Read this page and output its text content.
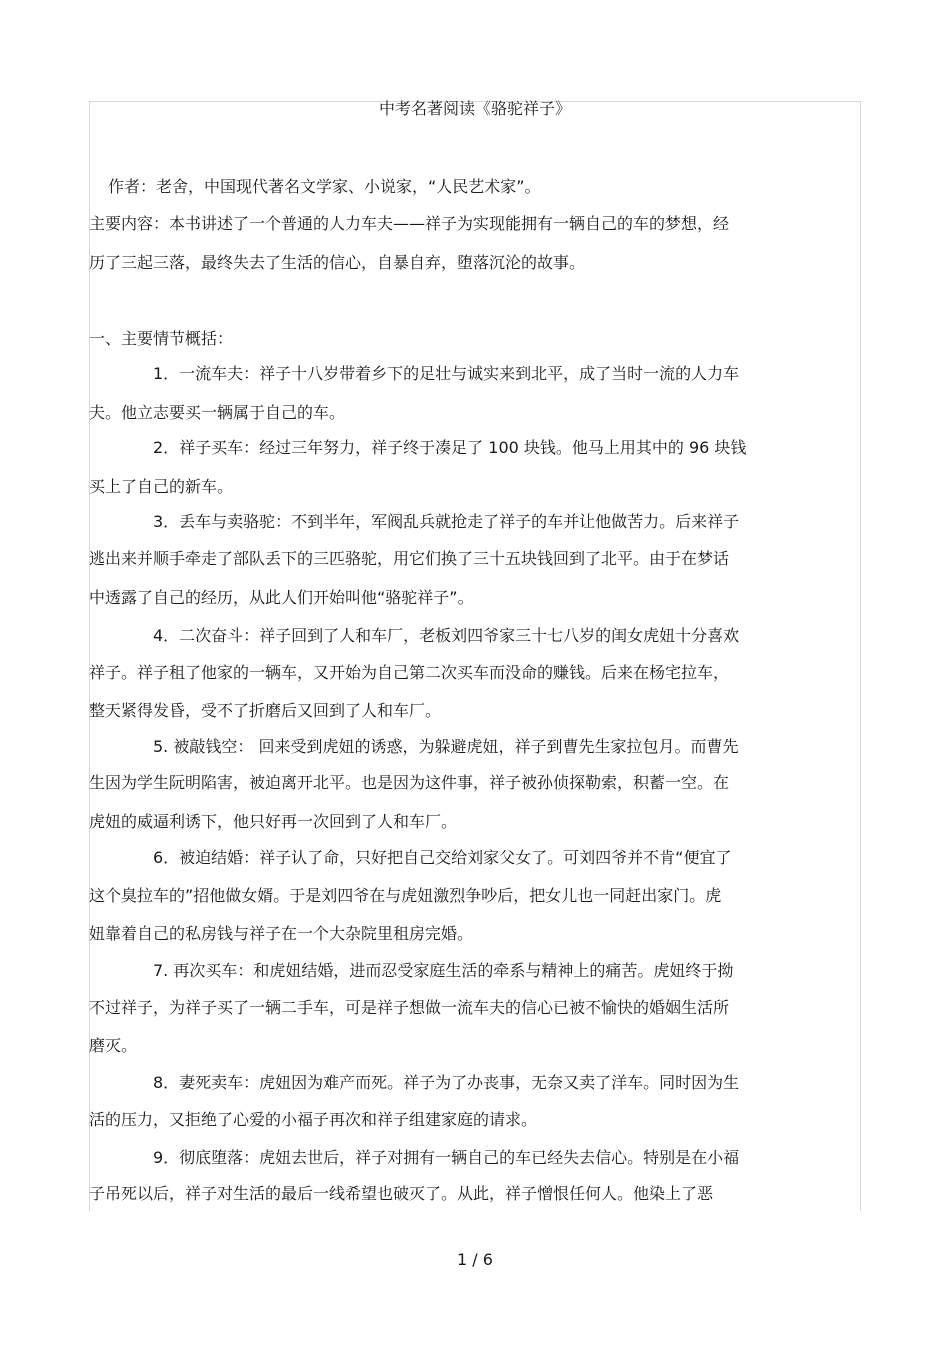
中考名著阅读《骆驼祥子》
作者：老舍，中国现代著名文学家、小说家，“人民艺术家”。
主要内容：本书讲述了一个普通的人力车夫——祥子为实现能拥有一辆自己的车的梦想，经
历了三起三落，最终失去了生活的信心，自暴自弃，堕落沉沦的故事。
一、主要情节概括：
1．一流车夫：祥子十八岁带着乡下的足壮与诚实来到北平，成了当时一流的人力车
夫。他立志要买一辆属于自己的车。
2．祥子买车：经过三年努力，祥子终于凑足了 100 块钱。他马上用其中的 96 块钱
买上了自己的新车。
3．丢车与卖骆驼：不到半年，军阀乱兵就抢走了祥子的车并让他做苦力。后来祥子
逃出来并顺手牵走了部队丢下的三匹骆驼，用它们换了三十五块钱回到了北平。由于在梦话
中透露了自己的经历，从此人们开始叫他“骆驼祥子”。
4．二次奋斗：祥子回到了人和车厂，老板刘四爷家三十七八岁的闺女虎妞十分喜欢
祥子。祥子租了他家的一辆车，又开始为自己第二次买车而没命的赚钱。后来在杨宅拉车，
整天紧得发昏，受不了折磨后又回到了人和车厂。
5. 被敲钱空： 回来受到虎妞的诱惑，为躲避虎妞，祥子到曹先生家拉包月。而曹先
生因为学生阮明陷害，被迫离开北平。也是因为这件事，祥子被孙侦探勒索，积蓄一空。在
虎妞的威逼利诱下，他只好再一次回到了人和车厂。
6．被迫结婚：祥子认了命，只好把自己交给刘家父女了。可刘四爷并不肯“便宜了
这个臭拉车的”招他做女婿。于是刘四爷在与虎妞激烈争吵后，把女儿也一同赶出家门。虎
妞靠着自己的私房钱与祥子在一个大杂院里租房完婚。
7. 再次买车：和虎妞结婚，进而忍受家庭生活的牵系与精神上的痛苦。虎妞终于拗
不过祥子，为祥子买了一辆二手车，可是祥子想做一流车夫的信心已被不愉快的婚姻生活所
磨灭。
8．妻死卖车：虎妞因为难产而死。祥子为了办丧事，无奈又卖了洋车。同时因为生
活的压力，又拒绝了心爱的小福子再次和祥子组建家庭的请求。
9．彻底堕落：虎妞去世后，祥子对拥有一辆自己的车已经失去信心。特别是在小福
子吊死以后，祥子对生活的最后一线希望也破灭了。从此，祥子憎恨任何人。他染上了恶
1 / 6
